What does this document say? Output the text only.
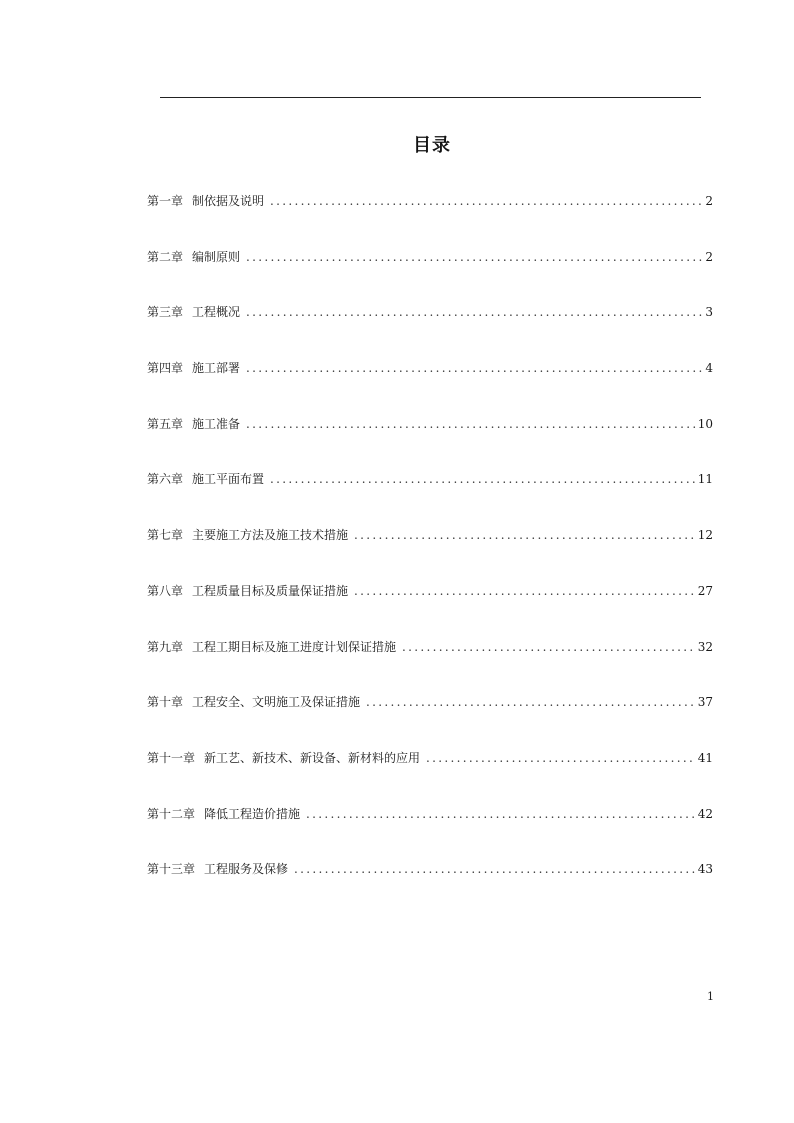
目录
第一章 制依据及说明 .....	2
第二章 编制原则 .....	2
第三章 工程概况 .....	3
第四章 施工部署 .....	4
第五章 施工准备 .....	10
第六章 施工平面布置 .....	11
第七章 主要施工方法及施工技术措施 .....	12
第八章 工程质量目标及质量保证措施 .....	27
第九章 工程工期目标及施工进度计划保证措施 .....	32
第十章 工程安全、文明施工及保证措施 .....	37
第十一章 新工艺、新技术、新设备、新材料的应用 .....	41
第十二章 降低工程造价措施 .....	42
第十三章 工程服务及保修 .....	43
1
